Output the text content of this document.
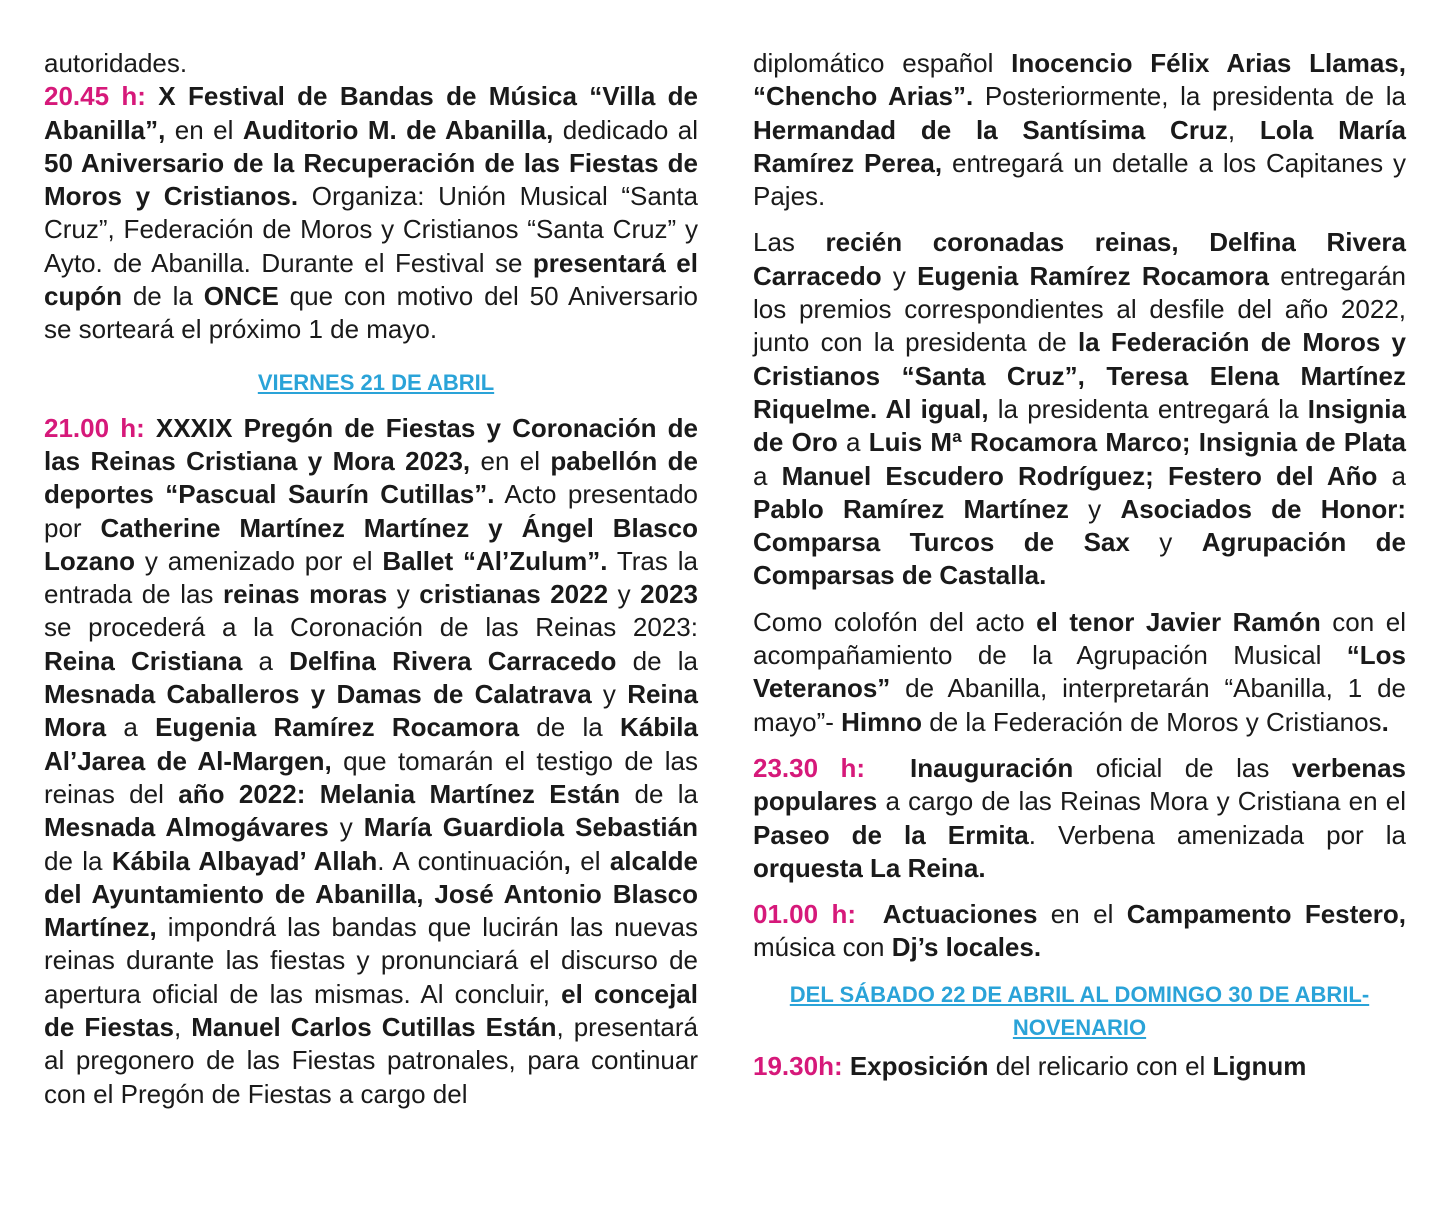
autoridades.

20.45 h: X Festival de Bandas de Música “Villa de Abanilla”, en el Auditorio M. de Abanilla, dedicado al 50 Aniversario de la Recuperación de las Fiestas de Moros y Cristianos. Organiza: Unión Musical “Santa Cruz”, Federación de Moros y Cristianos “Santa Cruz” y Ayto. de Abanilla. Durante el Festival se presentará el cupón de la ONCE que con motivo del 50 Aniversario se sorteará el próximo 1 de mayo.

VIERNES 21 DE ABRIL

21.00 h: XXXIX Pregón de Fiestas y Coronación de las Reinas Cristiana y Mora 2023, en el pabellón de deportes “Pascual Saurín Cutillas”. Acto presentado por Catherine Martínez Martínez y Ángel Blasco Lozano y amenizado por el Ballet “Al’Zulum”. Tras la entrada de las reinas moras y cristianas 2022 y 2023 se procederá a la Coronación de las Reinas 2023: Reina Cristiana a Delfina Rivera Carracedo de la Mesnada Caballeros y Damas de Calatrava y Reina Mora a Eugenia Ramírez Rocamora de la Kábila Al’Jarea de Al-Margen, que tomarán el testigo de las reinas del año 2022: Melania Martínez Están de la Mesnada Almogávares y María Guardiola Sebastián de la Kábila Albayad’ Allah. A continuación, el alcalde del Ayuntamiento de Abanilla, José Antonio Blasco Martínez, impondrá las bandas que lucirán las nuevas reinas durante las fiestas y pronunciará el discurso de apertura oficial de las mismas. Al concluir, el concejal de Fiestas, Manuel Carlos Cutillas Están, presentará al pregonero de las Fiestas patronales, para continuar con el Pregón de Fiestas a cargo del

diplomático español Inocencio Félix Arias Llamas, “Chencho Arias”. Posteriormente, la presidenta de la Hermandad de la Santísima Cruz, Lola María Ramírez Perea, entregará un detalle a los Capitanes y Pajes.

Las recién coronadas reinas, Delfina Rivera Carracedo y Eugenia Ramírez Rocamora entregarán los premios correspondientes al desfile del año 2022, junto con la presidenta de la Federación de Moros y Cristianos “Santa Cruz”, Teresa Elena Martínez Riquelme. Al igual, la presidenta entregará la Insignia de Oro a Luis Mª Rocamora Marco; Insignia de Plata a Manuel Escudero Rodríguez; Festero del Año a Pablo Ramírez Martínez y Asociados de Honor: Comparsa Turcos de Sax y Agrupación de Comparsas de Castalla.

Como colofón del acto el tenor Javier Ramón con el acompañamiento de la Agrupación Musical “Los Veteranos” de Abanilla, interpretarán “Abanilla, 1 de mayo”- Himno de la Federación de Moros y Cristianos.

23.30 h: Inauguración oficial de las verbenas populares a cargo de las Reinas Mora y Cristiana en el Paseo de la Ermita. Verbena amenizada por la orquesta La Reina.

01.00 h: Actuaciones en el Campamento Festero, música con Dj’s locales.

DEL SÁBADO 22 DE ABRIL AL DOMINGO 30 DE ABRIL-
NOVENARIO

19.30h: Exposición del relicario con el Lignum
